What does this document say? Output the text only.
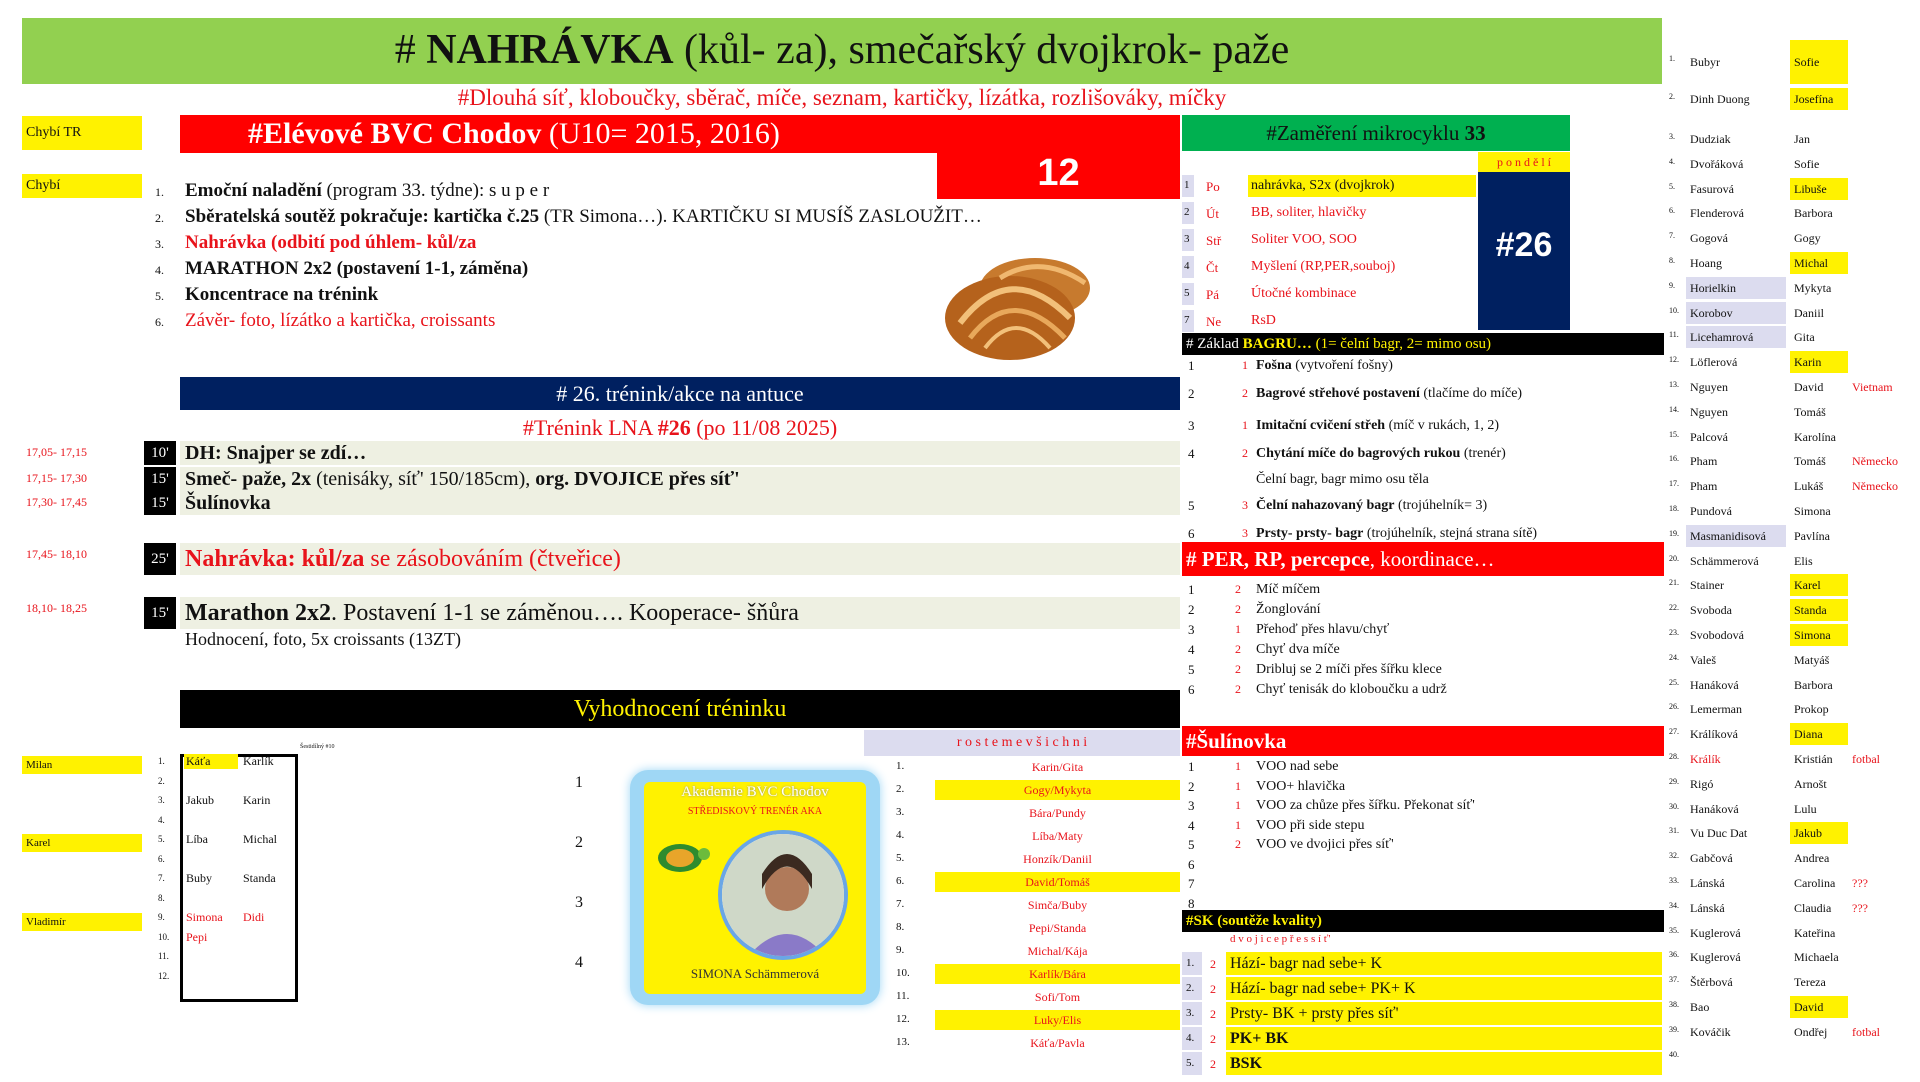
# NAHRÁVKA (kůl- za), smečařský dvojkrok- paže
#Dlouhá síť, kloboučky, sběrač, míče, seznam, kartičky, lízátka, rozlišováky, míčky
Chybí TR
Chybí
#Elévové BVC Chodov (U10= 2015, 2016)
12
1. Emoční naladění (program 33. týdne): s u p e r
2. Sběratelská soutěž pokračuje: kartička č.25 (TR Simona…). KARTIČKU SI MUSÍŠ ZASLOUŽIT…
3. Nahrávka (odbití pod úhlem- kůl/za
4. MARATHON 2x2 (postavení 1-1, záměna)
5. Koncentrace na trénink
6. Závěr- foto, lízátko a kartička, croissants
# 26. trénink/akce na antuce
#Trénink LNA #26 (po 11/08 2025)
17,05- 17,15	10' DH: Snajper se zdí…
17,15- 17,30	15' Smeč- paže, 2x (tenisáky, síť' 150/185cm), org. DVOJICE přes síť'
17,30- 17,45	15' Šulínovka
17,45- 18,10	25' Nahrávka: kůl/za se zásobováním (čtveřice)
18,10- 18,25	15' Marathon 2x2. Postavení 1-1 se záměnou…. Kooperace- šňůra
Hodnocení, foto, 5x croissants (13ZT)
Vyhodnocení tréninku
Milan
Karel
Vladimír
Šestidílný #10
1. Káťa	Karlík
2.
3. Jakub	Karin
4.
5. Líba	Michal
6.
7. Buby	Standa
8.
9. Simona	Didi
10. Pepi
11.
12.
1
2
3
4
Akademie BVC Chodov
STŘEDISKOVÝ TRENÉR AKA
SIMONA Schämmerová
r o s t e m e v š i c h n i
1.	Karin/Gita
2.	Gogy/Mykyta
3.	Bára/Pundy
4.	Líba/Maty
5.	Honzík/Daniil
6.	David/Tomáš
7.	Simča/Buby
8.	Pepi/Standa
9.	Michal/Kája
10.	Karlík/Bára
11.	Sofi/Tom
12.	Luky/Elis
13.	Káťa/Pavla
#Zaměření mikrocyklu 33
p o n d ě l í
#26
1 Po nahrávka, S2x (dvojkrok)
2 Út BB, soliter, hlavičky
3 Stř Soliter VOO, SOO
4 Čt Myšlení (RP,PER,souboj)
5 Pá Útočné kombinace
7 Ne RsD
# Základ BAGRU… (1= čelní bagr, 2= mimo osu)
1	1 Fošna (vytvoření fošny)
2	2 Bagrové střehové postavení (tlačíme do míče)
3	1 Imitační cvičení střeh (míč v rukách, 1, 2)
4	2 Chytání míče do bagrových rukou (trenér)
Čelní bagr, bagr mimo osu těla
5	3 Čelní nahazovaný bagr (trojúhelník= 3)
6	3 Prsty- prsty- bagr (trojúhelník, stejná strana sítě)
# PER, RP, percepce, koordinace…
1	2 Míč míčem
2	2 Žonglování
3	1 Přehoď přes hlavu/chyť
4	2 Chyť dva míče
5	2 Dribluj se 2 míči přes šířku klece
6	2 Chyť tenisák do kloboučku a udrž
#Šulínovka
1	1 VOO nad sebe
2	1 VOO+ hlavička
3	1 VOO za chůze přes šířku. Překonat síť'
4	1 VOO při side stepu
5	2 VOO ve dvojici přes síť'
6
7
8
#SK (soutěže kvality)
d v o j i c e p ř e s s í ť'
1. 2 Hází- bagr nad sebe+ K
2. 2 Hází- bagr nad sebe+ PK+ K
3. 2 Prsty- BK + prsty přes síť'
4. 2 PK+ BK
5. 2 BSK
1.	Bubyr	Sofie
2.	Dinh Duong	Josefína
3.	Dudziak	Jan
4.	Dvořáková	Sofie
5.	Fasurová	Libuše
6.	Flenderová	Barbora
7.	Gogová	Gogy
8.	Hoang	Michal
9.	Horielkin	Mykyta
10. Korobov	Daniil
11. Licehamrová	Gita
12. Löflerová	Karin
13. Nguyen	David	Vietnam
14. Nguyen	Tomáš
15. Palcová	Karolína
16. Pham	Tomáš	Německo
17. Pham	Lukáš	Německo
18. Pundová	Simona
19. Masmanidisová	Pavlína
20. Schämmerová	Elis
21. Stainer	Karel
22. Svoboda	Standa
23. Svobodová	Simona
24. Valeš	Matyáš
25. Hanáková	Barbora
26. Lemerman	Prokop
27. Králíková	Diana
28. Králík	Kristián	fotbal
29. Rigó	Arnošt
30. Hanáková	Lulu
31. Vu Duc Dat	Jakub
32. Gabčová	Andrea
33. Lánská	Carolina	???
34. Lánská	Claudia	???
35. Kuglerová	Kateřina
36. Kuglerová	Michaela
37. Štěrbová	Tereza
38. Bao	David
39. Kováčik	Ondřej	fotbal
40.
